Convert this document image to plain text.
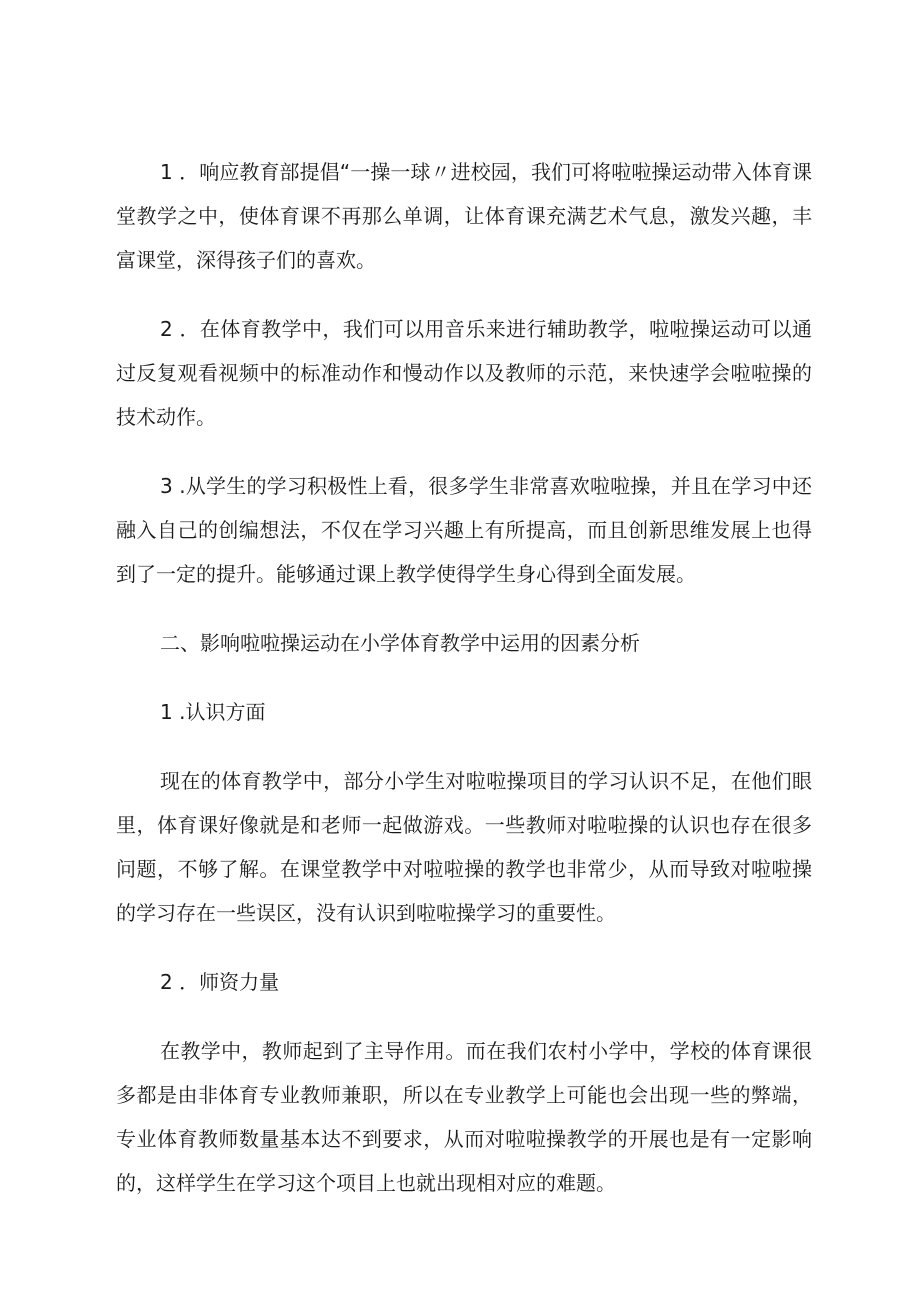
1 ．响应教育部提倡“一操一球〃进校园，我们可将啦啦操运动带入体育课堂教学之中，使体育课不再那么单调，让体育课充满艺术气息，激发兴趣，丰富课堂，深得孩子们的喜欢。

2 ．在体育教学中，我们可以用音乐来进行辅助教学，啦啦操运动可以通过反复观看视频中的标准动作和慢动作以及教师的示范，来快速学会啦啦操的技术动作。

3 .从学生的学习积极性上看，很多学生非常喜欢啦啦操，并且在学习中还融入自己的创编想法，不仅在学习兴趣上有所提高，而且创新思维发展上也得到了一定的提升。能够通过课上教学使得学生身心得到全面发展。

二、影响啦啦操运动在小学体育教学中运用的因素分析

1 .认识方面

现在的体育教学中，部分小学生对啦啦操项目的学习认识不足，在他们眼里，体育课好像就是和老师一起做游戏。一些教师对啦啦操的认识也存在很多问题，不够了解。在课堂教学中对啦啦操的教学也非常少，从而导致对啦啦操的学习存在一些误区，没有认识到啦啦操学习的重要性。

2 ．师资力量

在教学中，教师起到了主导作用。而在我们农村小学中，学校的体育课很多都是由非体育专业教师兼职，所以在专业教学上可能也会出现一些的弊端，专业体育教师数量基本达不到要求，从而对啦啦操教学的开展也是有一定影响的，这样学生在学习这个项目上也就出现相对应的难题。
